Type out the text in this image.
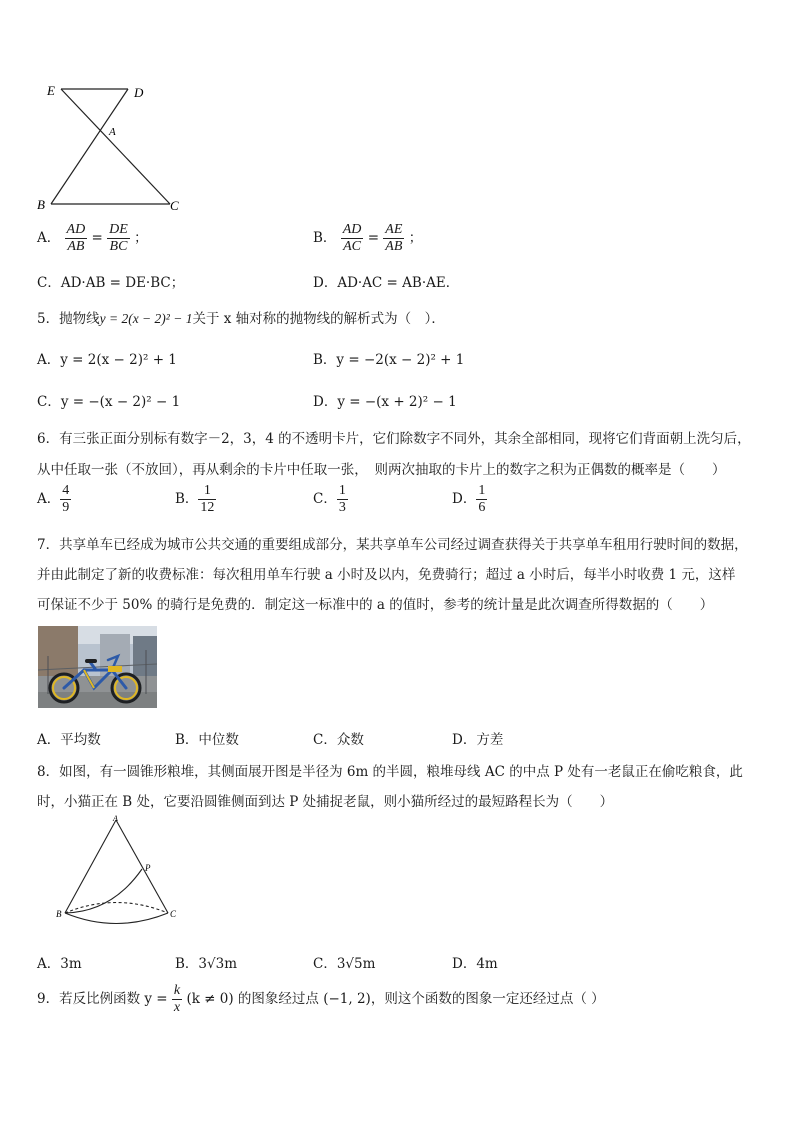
E	D
A
B	C
A． $\frac{AD}{AB} = \frac{DE}{BC}$ ；	B． $\frac{AD}{AC} = \frac{AE}{AB}$ ；
C．AD·AB = DE·BC；	D．AD·AC = AB·AE．
5．抛物线y = 2(x − 2)² − 1关于 x 轴对称的抛物线的解析式为（　）．
A．y = 2(x − 2)² + 1	B．y = −2(x − 2)² + 1
C．y = −(x − 2)² − 1	D．y = −(x + 2)² − 1
6．有三张正面分别标有数字－2，3，4 的不透明卡片，它们除数字不同外，其余全部相同，现将它们背面朝上洗匀后，
从中任取一张（不放回），再从剩余的卡片中任取一张，　则两次抽取的卡片上的数字之积为正偶数的概率是（　　）
A． $\frac{4}{9}$	B． $\frac{1}{12}$	C． $\frac{1}{3}$	D． $\frac{1}{6}$
7．共享单车已经成为城市公共交通的重要组成部分，某共享单车公司经过调查获得关于共享单车租用行驶时间的数据，
并由此制定了新的收费标准：每次租用单车行驶 a 小时及以内，免费骑行；超过 a 小时后，每半小时收费 1 元，这样
可保证不少于 50% 的骑行是免费的．制定这一标准中的 a 的值时，参考的统计量是此次调查所得数据的（　　）
A．平均数	B．中位数	C．众数	D．方差
8．如图，有一圆锥形粮堆，其侧面展开图是半径为 6m 的半圆，粮堆母线 AC 的中点 P 处有一老鼠正在偷吃粮食，此
时，小猫正在 B 处，它要沿圆锥侧面到达 P 处捕捉老鼠，则小猫所经过的最短路程长为（　　）
A
P
B	C
A．3m	B．3√3m	C．3√5m	D．4m
9．若反比例函数 $y = \frac{k}{x} (k \ne 0)$ 的图象经过点 (−1, 2)，则这个函数的图象一定还经过点（ ）
